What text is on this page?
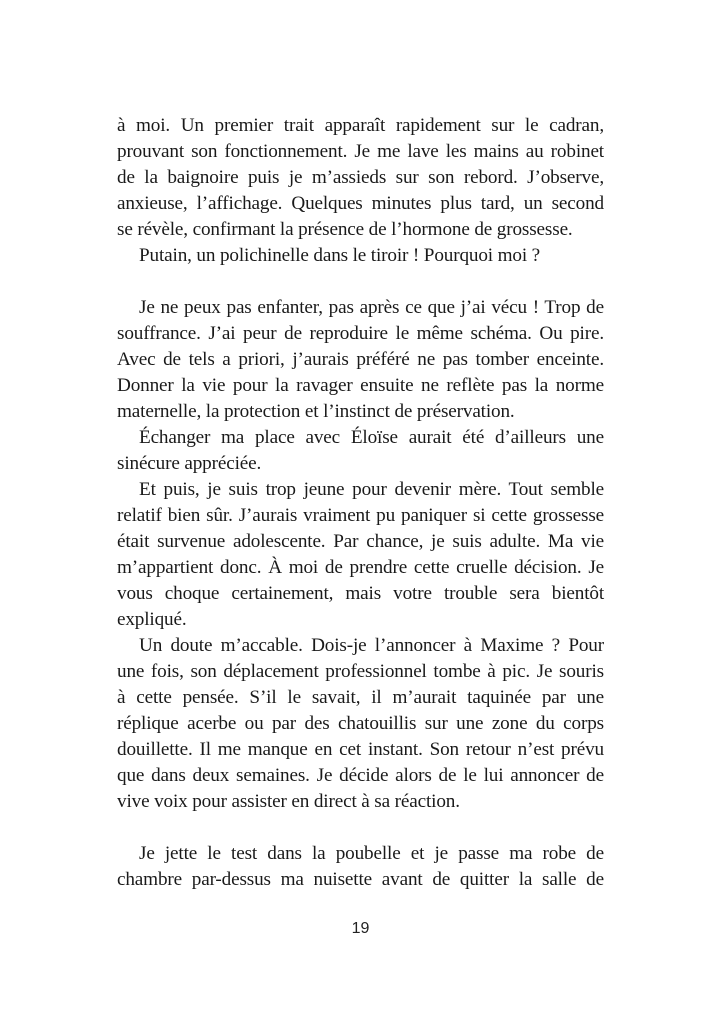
à moi. Un premier trait apparaît rapidement sur le cadran,
prouvant son fonctionnement. Je me lave les mains au robinet
de la baignoire puis je m’assieds sur son rebord. J’observe,
anxieuse, l’affichage. Quelques minutes plus tard, un second
se révèle, confirmant la présence de l’hormone de grossesse.
Putain, un polichinelle dans le tiroir ! Pourquoi moi ?
Je ne peux pas enfanter, pas après ce que j’ai vécu ! Trop de
souffrance. J’ai peur de reproduire le même schéma. Ou pire.
Avec de tels a priori, j’aurais préféré ne pas tomber enceinte.
Donner la vie pour la ravager ensuite ne reflète pas la norme
maternelle, la protection et l’instinct de préservation.
Échanger ma place avec Éloïse aurait été d’ailleurs une
sinécure appréciée.
Et puis, je suis trop jeune pour devenir mère. Tout semble
relatif bien sûr. J’aurais vraiment pu paniquer si cette grossesse
était survenue adolescente. Par chance, je suis adulte. Ma vie
m’appartient donc. À moi de prendre cette cruelle décision. Je
vous choque certainement, mais votre trouble sera bientôt
expliqué.
Un doute m’accable. Dois-je l’annoncer à Maxime ? Pour
une fois, son déplacement professionnel tombe à pic. Je souris
à cette pensée. S’il le savait, il m’aurait taquinée par une
réplique acerbe ou par des chatouillis sur une zone du corps
douillette. Il me manque en cet instant. Son retour n’est prévu
que dans deux semaines. Je décide alors de le lui annoncer de
vive voix pour assister en direct à sa réaction.
Je jette le test dans la poubelle et je passe ma robe de
chambre par-dessus ma nuisette avant de quitter la salle de
19
